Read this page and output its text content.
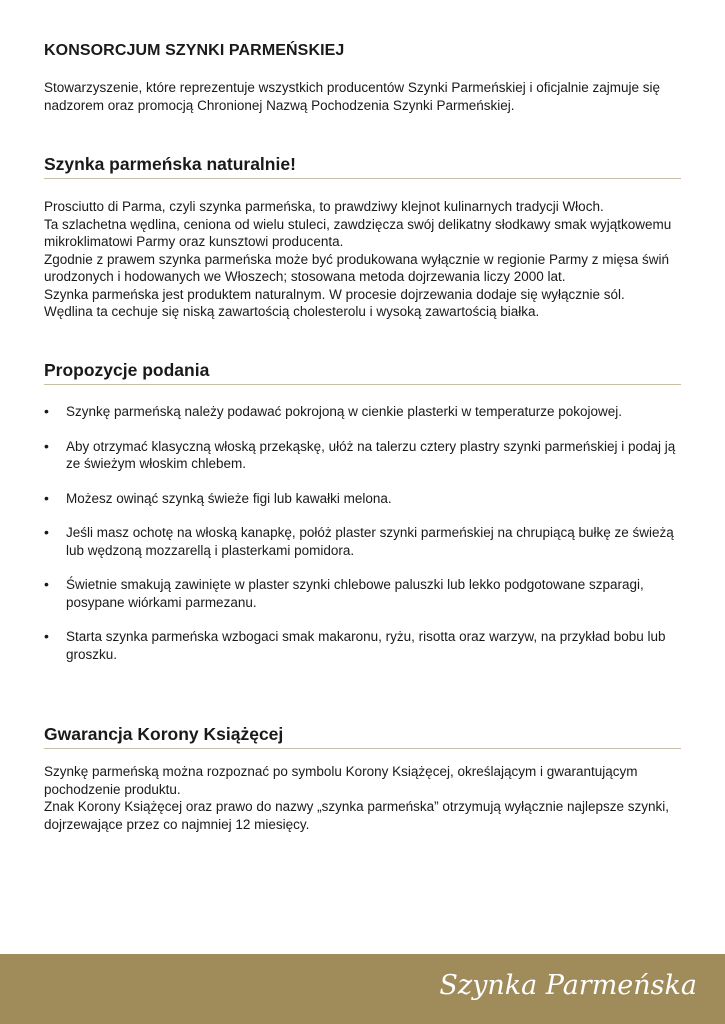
KONSORCJUM SZYNKI PARMEŃSKIEJ

Stowarzyszenie, które reprezentuje wszystkich producentów Szynki Parmeńskiej i oficjalnie zajmuje się nadzorem oraz promocją Chronionej Nazwą Pochodzenia Szynki Parmeńskiej.

Szynka parmeńska naturalnie!

Prosciutto di Parma, czyli szynka parmeńska, to prawdziwy klejnot kulinarnych tradycji Włoch.

Ta szlachetna wędlina, ceniona od wielu stuleci, zawdzięcza swój delikatny słodkawy smak wyjątkowemu mikroklimatowi Parmy oraz kunsztowi producenta.

Zgodnie z prawem szynka parmeńska może być produkowana wyłącznie w regionie Parmy z mięsa świń urodzonych i hodowanych we Włoszech; stosowana metoda dojrzewania liczy 2000 lat.

Szynka parmeńska jest produktem naturalnym. W procesie dojrzewania dodaje się wyłącznie sól.

Wędlina ta cechuje się niską zawartością cholesterolu i wysoką zawartością białka.

Propozycje podania
• Szynkę parmeńską należy podawać pokrojoną w cienkie plasterki w temperaturze pokojowej.
• Aby otrzymać klasyczną włoską przekąskę, ułóż na talerzu cztery plastry szynki parmeńskiej i podaj ją ze świeżym włoskim chlebem.
• Możesz owinąć szynką świeże figi lub kawałki melona.
• Jeśli masz ochotę na włoską kanapkę, połóż plaster szynki parmeńskiej na chrupiącą bułkę ze świeżą lub wędzoną mozzarellą i plasterkami pomidora.
• Świetnie smakują zawinięte w plaster szynki chlebowe paluszki lub lekko podgotowane szparagi, posypane wiórkami parmezanu.
• Starta szynka parmeńska wzbogaci smak makaronu, ryżu, risotta oraz warzyw, na przykład bobu lub groszku.
Gwarancja Korony Książęcej

Szynkę parmeńską można rozpoznać po symbolu Korony Książęcej, określającym i gwarantującym pochodzenie produktu.

Znak Korony Książęcej oraz prawo do nazwy „szynka parmeńska” otrzymują wyłącznie najlepsze szynki, dojrzewające przez co najmniej 12 miesięcy.

Szynka Parmeńska
